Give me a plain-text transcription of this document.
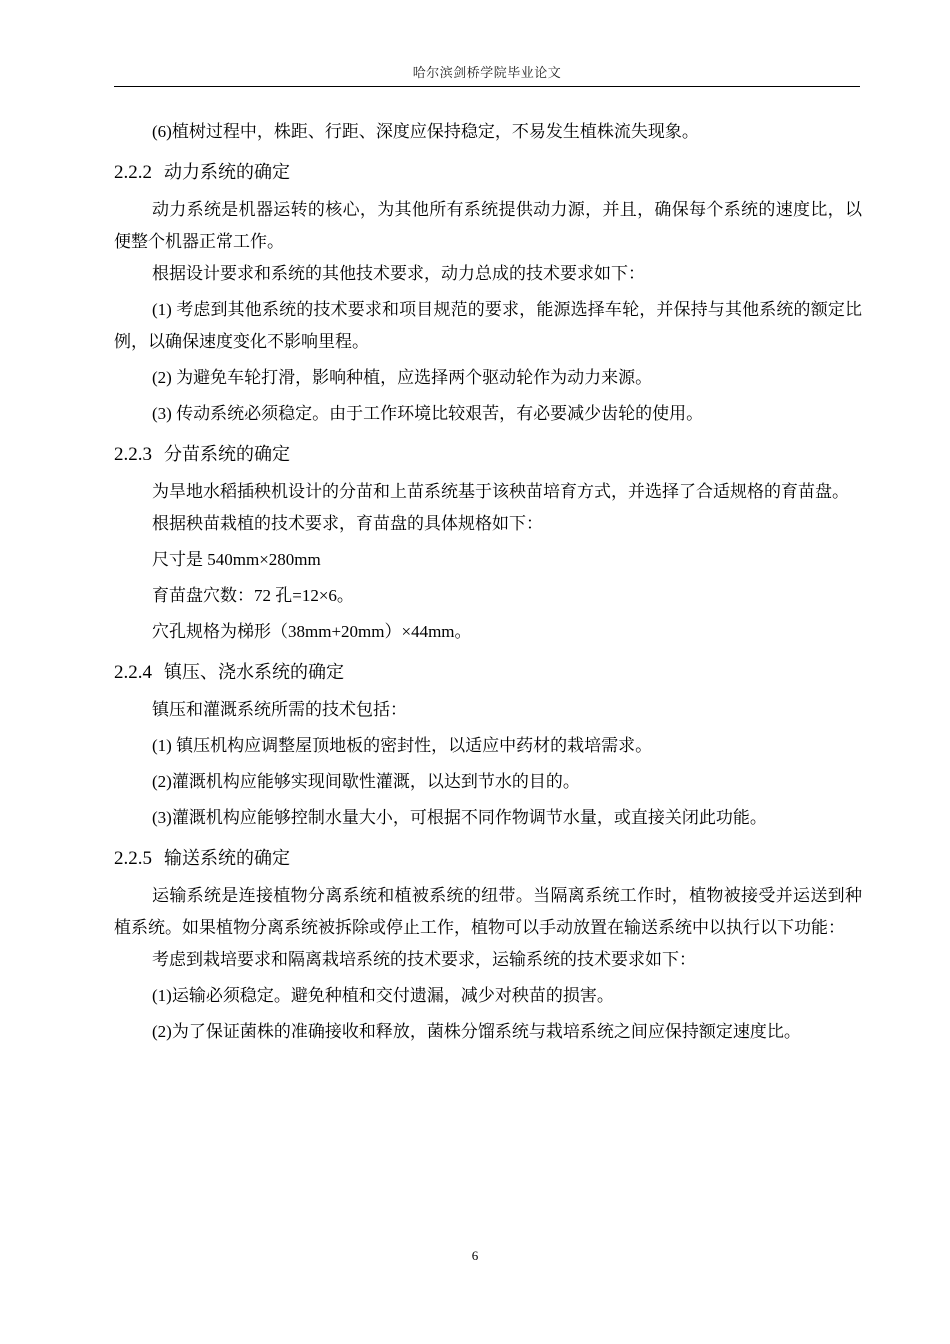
哈尔滨剑桥学院毕业论文

(6)植树过程中，株距、行距、深度应保持稳定，不易发生植株流失现象。

2.2.2 动力系统的确定

动力系统是机器运转的核心，为其他所有系统提供动力源，并且，确保每个系统的速度比，以便整个机器正常工作。

根据设计要求和系统的其他技术要求，动力总成的技术要求如下：

(1) 考虑到其他系统的技术要求和项目规范的要求，能源选择车轮，并保持与其他系统的额定比例，以确保速度变化不影响里程。

(2) 为避免车轮打滑，影响种植，应选择两个驱动轮作为动力来源。

(3) 传动系统必须稳定。由于工作环境比较艰苦，有必要减少齿轮的使用。

2.2.3 分苗系统的确定

为旱地水稻插秧机设计的分苗和上苗系统基于该秧苗培育方式，并选择了合适规格的育苗盘。

根据秧苗栽植的技术要求，育苗盘的具体规格如下：

尺寸是 540mm×280mm

育苗盘穴数：72 孔=12×6。

穴孔规格为梯形（38mm+20mm）×44mm。

2.2.4 镇压、浇水系统的确定

镇压和灌溉系统所需的技术包括：

(1) 镇压机构应调整屋顶地板的密封性，以适应中药材的栽培需求。

(2)灌溉机构应能够实现间歇性灌溉，以达到节水的目的。

(3)灌溉机构应能够控制水量大小，可根据不同作物调节水量，或直接关闭此功能。

2.2.5 输送系统的确定

运输系统是连接植物分离系统和植被系统的纽带。当隔离系统工作时，植物被接受并运送到种植系统。如果植物分离系统被拆除或停止工作，植物可以手动放置在输送系统中以执行以下功能：

考虑到栽培要求和隔离栽培系统的技术要求，运输系统的技术要求如下：

(1)运输必须稳定。避免种植和交付遗漏，减少对秧苗的损害。

(2)为了保证菌株的准确接收和释放，菌株分馏系统与栽培系统之间应保持额定速度比。

6
